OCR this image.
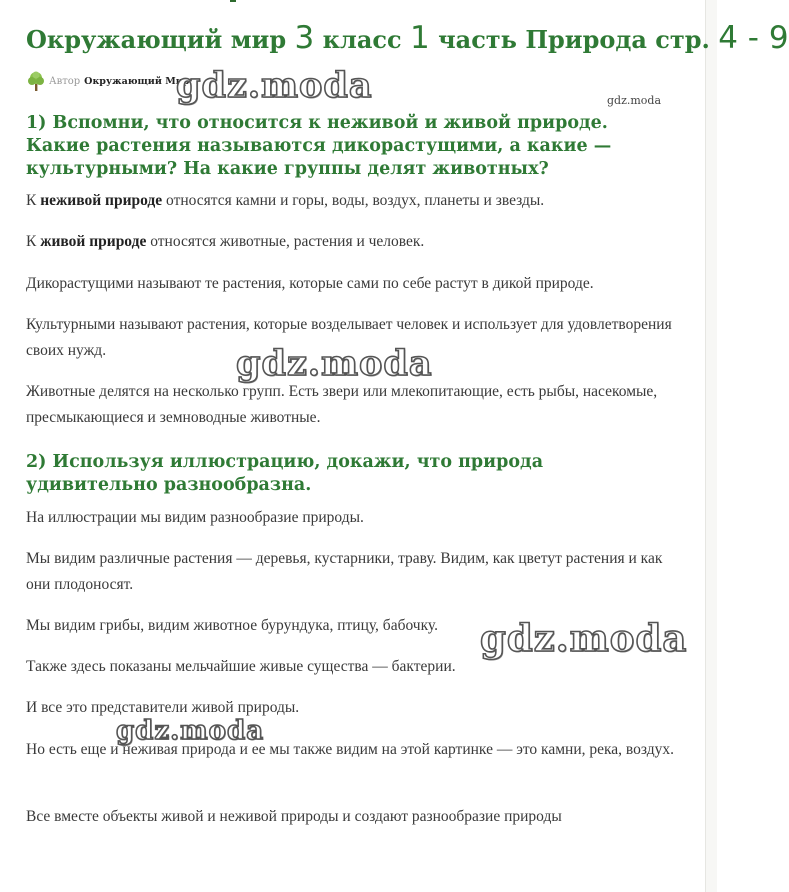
Окружающий мир 3 класс 1 часть Природа стр. 4 - 9
Автор Окружающий Мир
gdz.moda	gdz.moda
1) Вспомни, что относится к неживой и живой природе. Какие растения называются дикорастущими, а какие — культурными? На какие группы делят животных?

К неживой природе относятся камни и горы, воды, воздух, планеты и звезды.

К живой природе относятся животные, растения и человек.

Дикорастущими называют те растения, которые сами по себе растут в дикой природе.

Культурными называют растения, которые возделывает человек и использует для удовлетворения своих нужд.	gdz.moda

Животные делятся на несколько групп. Есть звери или млекопитающие, есть рыбы, насекомые, пресмыкающиеся и земноводные животные.

2) Используя иллюстрацию, докажи, что природа удивительно разнообразна.

На иллюстрации мы видим разнообразие природы.

Мы видим различные растения — деревья, кустарники, траву. Видим, как цветут растения и как они плодоносят.

Мы видим грибы, видим животное бурундука, птицу, бабочку.	gdz.moda

Также здесь показаны мельчайшие живые существа — бактерии.

И все это представители живой природы.

gdz.moda

Но есть еще и неживая природа и ее мы также видим на этой картинке — это камни, река, воздух.

Все вместе объекты живой и неживой природы и создают разнообразие природы
